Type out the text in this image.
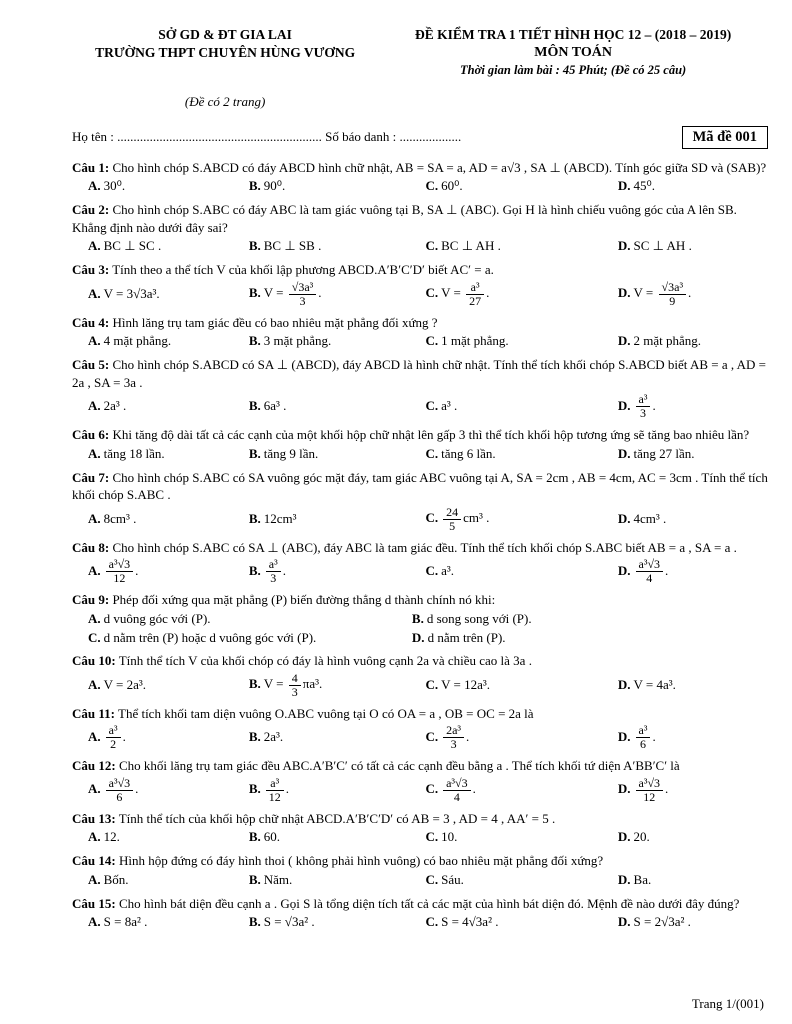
SỞ GD & ĐT GIA LAI
TRƯỜNG THPT CHUYÊN HÙNG VƯƠNG
ĐỀ KIỂM TRA 1 TIẾT HÌNH HỌC 12 – (2018 – 2019)
MÔN TOÁN
Thời gian làm bài : 45 Phút; (Đề có 25 câu)
(Đề có 2 trang)
Họ tên : ............................................................... Số báo danh : ...................	Mã đề 001

Câu 1: Cho hình chóp S.ABCD có đáy ABCD hình chữ nhật, AB = SA = a, AD = a√3 , SA ⊥ (ABCD). Tính góc giữa SD và (SAB)?

A. 30⁰.	B. 90⁰.	C. 60⁰.	D. 45⁰.

Câu 2: Cho hình chóp S.ABC có đáy ABC là tam giác vuông tại B, SA ⊥ (ABC). Gọi H là hình chiếu vuông góc của A lên SB. Khẳng định nào dưới đây sai?

A. BC ⊥ SC .	B. BC ⊥ SB .	C. BC ⊥ AH .	D. SC ⊥ AH .

Câu 3: Tính theo a thể tích V của khối lập phương ABCD.A′B′C′D′ biết AC′ = a.

A. V = 3√3a³.	B. $V = \frac{\text{√3a³}}{3}$ .	C. $V = \frac{\text{a³}}{27}$ .	D. $V = \frac{\text{√3a³}}{9}$ .

Câu 4: Hình lăng trụ tam giác đều có bao nhiêu mặt phẳng đối xứng ?

A. 4 mặt phẳng.	B. 3 mặt phẳng.	C. 1 mặt phẳng.	D. 2 mặt phẳng.

Câu 5: Cho hình chóp S.ABCD có SA ⊥ (ABCD), đáy ABCD là hình chữ nhật. Tính thể tích khối chóp S.ABCD biết AB = a , AD = 2a , SA = 3a .

A. 2a³ .	B. 6a³ .	C. a³ .	D. $\frac{\text{a³}}{3}$ .

Câu 6: Khi tăng độ dài tất cả các cạnh của một khối hộp chữ nhật lên gấp 3 thì thể tích khối hộp tương ứng sẽ tăng bao nhiêu lần?

A. tăng 18 lần.	B. tăng 9 lần.	C. tăng 6 lần.	D. tăng 27 lần.

Câu 7: Cho hình chóp S.ABC có SA vuông góc mặt đáy, tam giác ABC vuông tại A, SA = 2cm , AB = 4cm, AC = 3cm . Tính thể tích khối chóp S.ABC .

A. 8cm³ .	B. 12cm³	C. $\frac{24}{5} cm^3$ .	D. 4cm³ .

Câu 8: Cho hình chóp S.ABC có SA ⊥ (ABC), đáy ABC là tam giác đều. Tính thể tích khối chóp S.ABC biết AB = a , SA = a .

A. $\frac{\text{a³√3}}{12}$ .	B. $\frac{\text{a³}}{3}$ .	C. a³.	D. $\frac{\text{a³√3}}{4}$ .

Câu 9: Phép đối xứng qua mặt phẳng (P) biến đường thẳng d thành chính nó khi:

A. d vuông góc với (P).	B. d song song với (P).
C. d nằm trên (P) hoặc d vuông góc với (P).	D. d nằm trên (P).

Câu 10: Tính thể tích V của khối chóp có đáy là hình vuông cạnh 2a và chiều cao là 3a .

A. V = 2a³.	B. $V = \frac{4}{3} \pi a^3$.	C. V = 12a³.	D. V = 4a³.

Câu 11: Thể tích khối tam diện vuông O.ABC vuông tại O có OA = a , OB = OC = 2a là

A. $\frac{\text{a³}}{2}$ .	B. 2a³.	C. $\frac{\text{2a³}}{3}$ .	D. $\frac{\text{a³}}{6}$ .

Câu 12: Cho khối lăng trụ tam giác đều ABC.A′B′C′ có tất cả các cạnh đều bằng a . Thể tích khối tứ diện A′BB′C′ là

A. $\frac{\text{a³√3}}{6}$ .	B. $\frac{\text{a³}}{12}$ .	C. $\frac{\text{a³√3}}{4}$ .	D. $\frac{\text{a³√3}}{12}$ .

Câu 13: Tính thể tích của khối hộp chữ nhật ABCD.A′B′C′D′ có AB = 3 , AD = 4 , AA′ = 5 .

A. 12.	B. 60.	C. 10.	D. 20.

Câu 14: Hình hộp đứng có đáy hình thoi ( không phải hình vuông) có bao nhiêu mặt phẳng đối xứng?

A. Bốn.	B. Năm.	C. Sáu.	D. Ba.

Câu 15: Cho hình bát diện đều cạnh a . Gọi S là tổng diện tích tất cả các mặt của hình bát diện đó. Mệnh đề nào dưới đây đúng?

A. S = 8a² .	B. S = √3a² .	C. S = 4√3a² .	D. S = 2√3a² .
Trang 1/(001)
